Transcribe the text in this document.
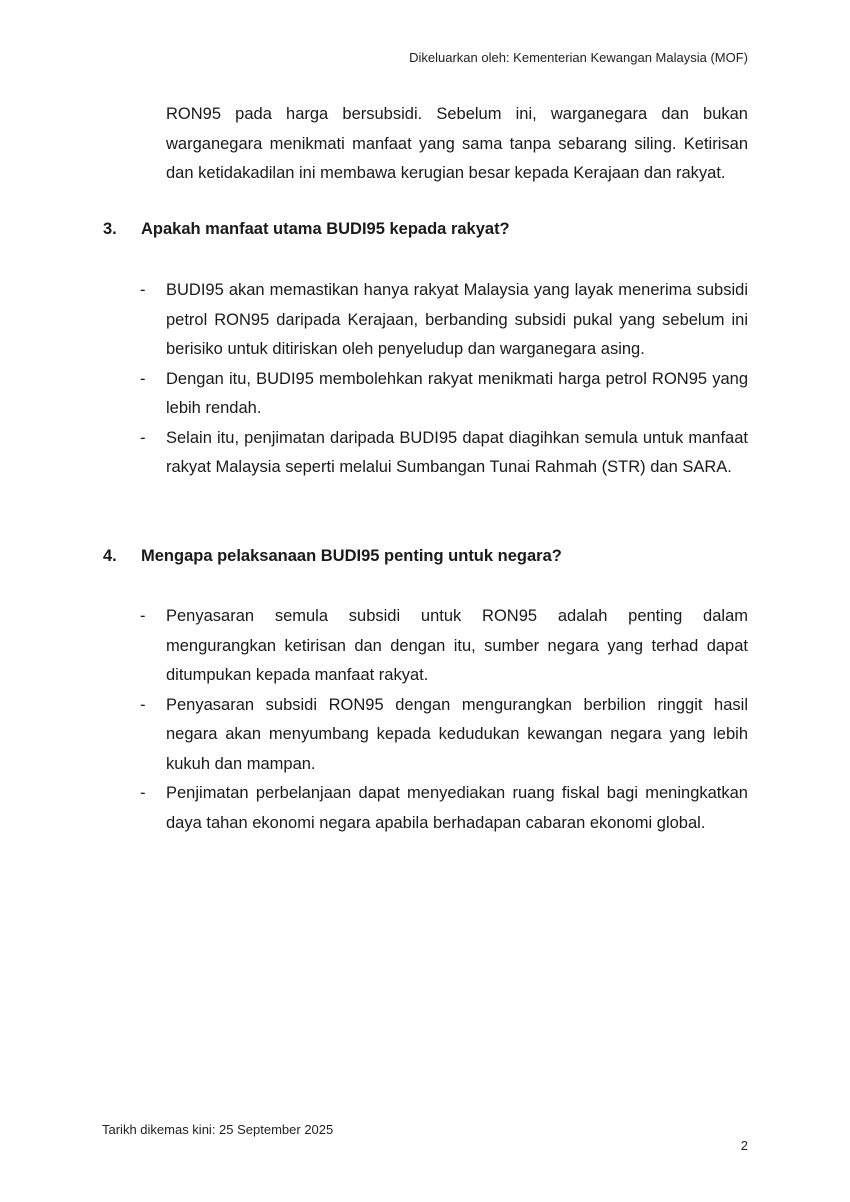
Dikeluarkan oleh: Kementerian Kewangan Malaysia (MOF)

RON95 pada harga bersubsidi. Sebelum ini, warganegara dan bukan warganegara menikmati manfaat yang sama tanpa sebarang siling. Ketirisan dan ketidakadilan ini membawa kerugian besar kepada Kerajaan dan rakyat.

3. Apakah manfaat utama BUDI95 kepada rakyat?
- BUDI95 akan memastikan hanya rakyat Malaysia yang layak menerima subsidi petrol RON95 daripada Kerajaan, berbanding subsidi pukal yang sebelum ini berisiko untuk ditiriskan oleh penyeludup dan warganegara asing.
- Dengan itu, BUDI95 membolehkan rakyat menikmati harga petrol RON95 yang lebih rendah.
- Selain itu, penjimatan daripada BUDI95 dapat diagihkan semula untuk manfaat rakyat Malaysia seperti melalui Sumbangan Tunai Rahmah (STR) dan SARA.
4. Mengapa pelaksanaan BUDI95 penting untuk negara?
- Penyasaran semula subsidi untuk RON95 adalah penting dalam mengurangkan ketirisan dan dengan itu, sumber negara yang terhad dapat ditumpukan kepada manfaat rakyat.
- Penyasaran subsidi RON95 dengan mengurangkan berbilion ringgit hasil negara akan menyumbang kepada kedudukan kewangan negara yang lebih kukuh dan mampan.
- Penjimatan perbelanjaan dapat menyediakan ruang fiskal bagi meningkatkan daya tahan ekonomi negara apabila berhadapan cabaran ekonomi global.
Tarikh dikemas kini: 25 September 2025
2
